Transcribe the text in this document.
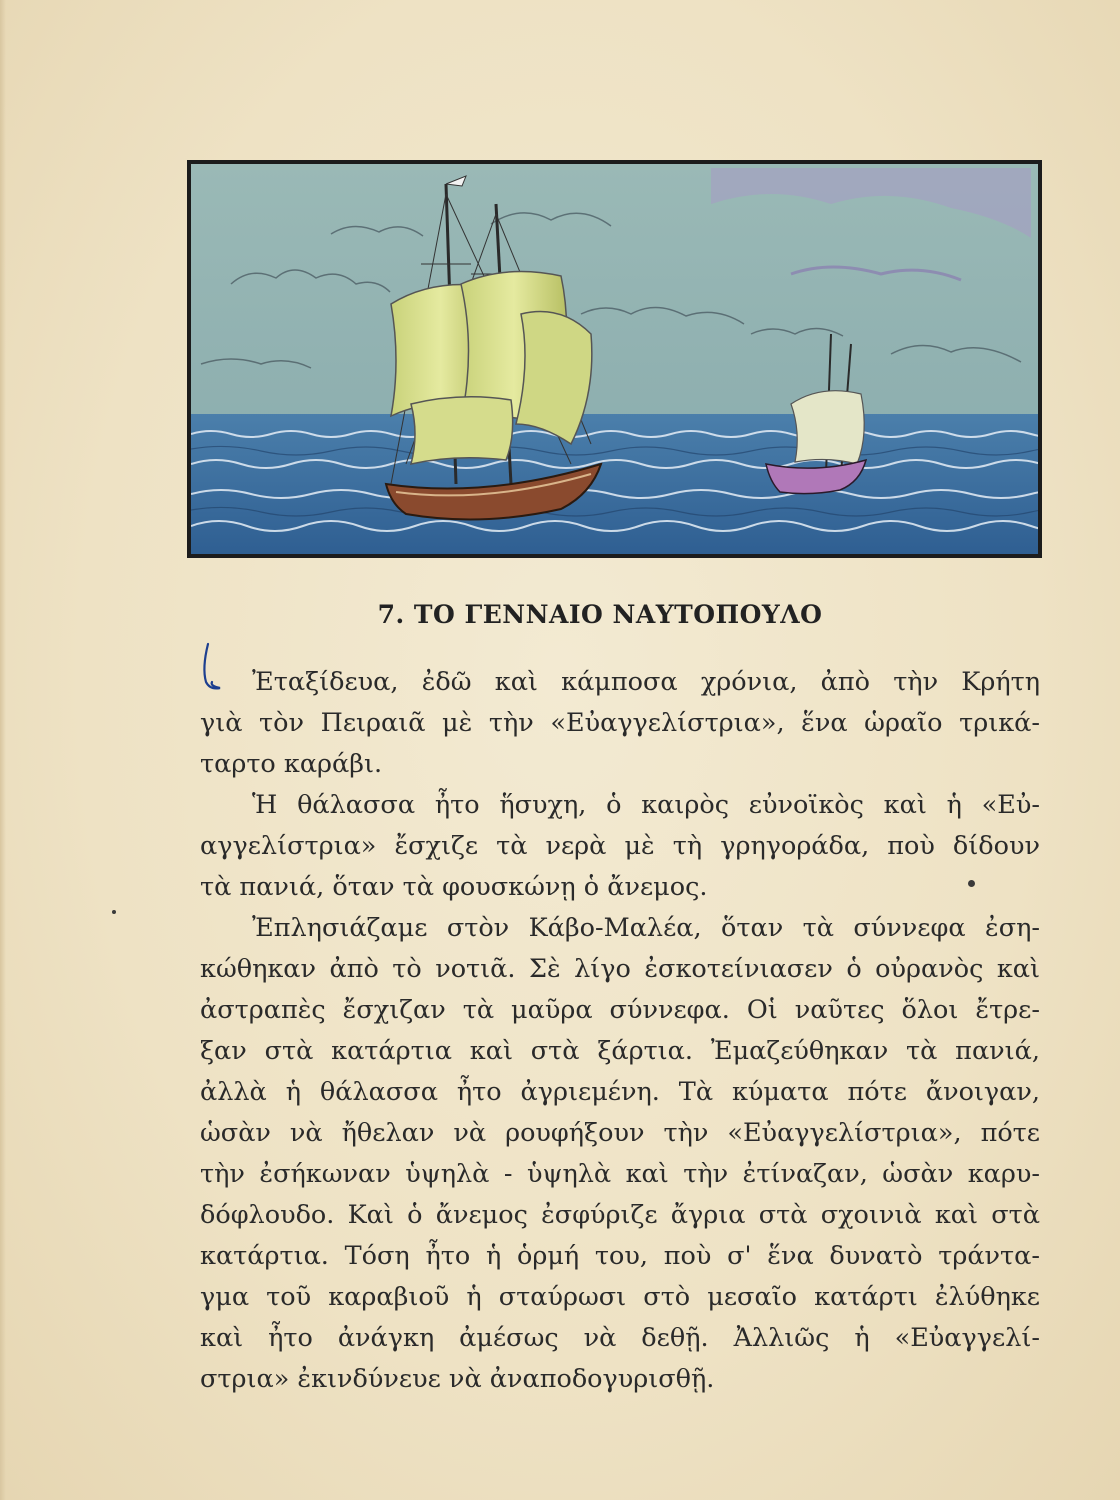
7. ΤΟ ΓΕΝΝΑΙΟ ΝΑΥΤΟΠΟΥΛΟ
Ἐταξίδευα, ἐδῶ καὶ κάμποσα χρόνια, ἀπὸ τὴν Κρήτη
γιὰ τὸν Πειραιᾶ μὲ τὴν «Εὐαγγελίστρια», ἕνα ὡραῖο τρικά-
ταρτο καράβι.
Ἡ θάλασσα ἦτο ἥσυχη, ὁ καιρὸς εὐνοϊκὸς καὶ ἡ «Εὐ-
αγγελίστρια» ἔσχιζε τὰ νερὰ μὲ τὴ γρηγοράδα, ποὺ δίδουν
τὰ πανιά, ὅταν τὰ φουσκώνῃ ὁ ἄνεμος.
Ἐπλησιάζαμε στὸν Κάβο-Μαλέα, ὅταν τὰ σύννεφα ἐση-
κώθηκαν ἀπὸ τὸ νοτιᾶ. Σὲ λίγο ἐσκοτείνιασεν ὁ οὐρανὸς καὶ
ἀστραπὲς ἔσχιζαν τὰ μαῦρα σύννεφα. Οἱ ναῦτες ὅλοι ἔτρε-
ξαν στὰ κατάρτια καὶ στὰ ξάρτια. Ἐμαζεύθηκαν τὰ πανιά,
ἀλλὰ ἡ θάλασσα ἦτο ἀγριεμένη. Τὰ κύματα πότε ἄνοιγαν,
ὡσὰν νὰ ἤθελαν νὰ ρουφήξουν τὴν «Εὐαγγελίστρια», πότε
τὴν ἐσήκωναν ὑψηλὰ - ὑψηλὰ καὶ τὴν ἐτίναζαν, ὡσὰν καρυ-
δόφλουδο. Καὶ ὁ ἄνεμος ἐσφύριζε ἄγρια στὰ σχοινιὰ καὶ στὰ
κατάρτια. Τόση ἦτο ἡ ὁρμή του, ποὺ σ' ἕνα δυνατὸ τράντα-
γμα τοῦ καραβιοῦ ἡ σταύρωσι στὸ μεσαῖο κατάρτι ἐλύθηκε
καὶ ἦτο ἀνάγκη ἀμέσως νὰ δεθῇ. Ἀλλιῶς ἡ «Εὐαγγελί-
στρια» ἐκινδύνευε νὰ ἀναποδογυρισθῇ.
